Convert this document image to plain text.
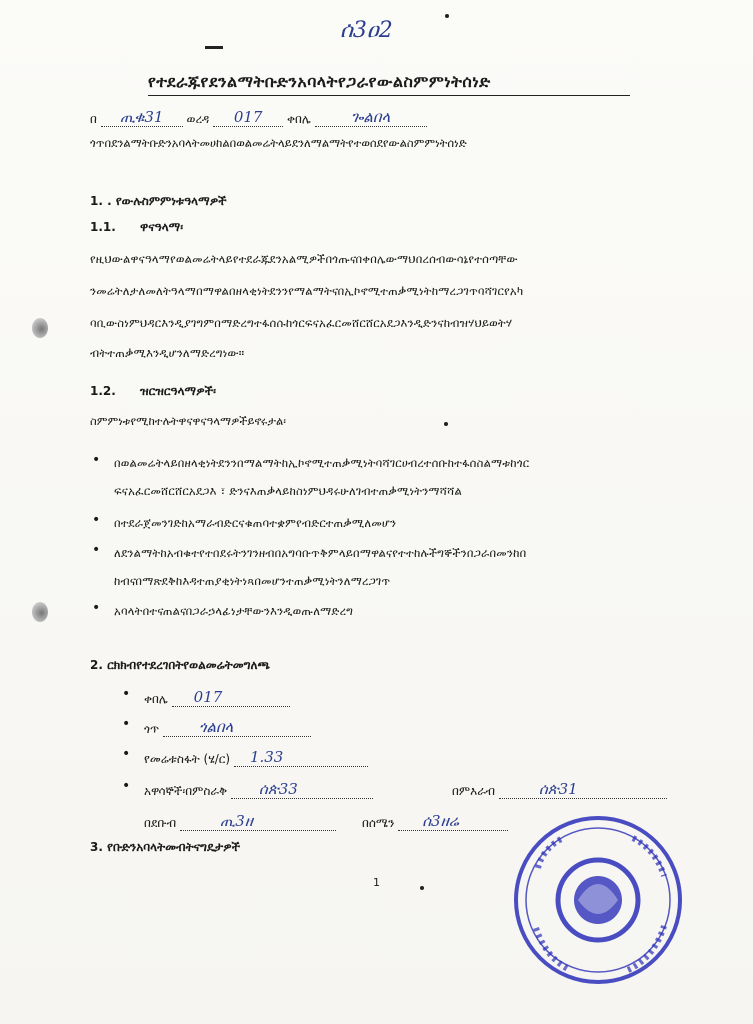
ሰ3ዐ2
የተደራጁየደንልማትቡድንአባላትየጋራየውልስምምነትሰነድ
በ ጢቁ31 ወረዳ 017 ቀበሌ	ጐልበላ
ጎጥበደንልማትቡድንአባላትመሀከልበወልመሬትላይደንለማልማትየተወሰደየውልስምምነትሰነድ
1. . የውሉስምምነቱዓላማዎች
1.1. ዋናዓላማ፡
የዚህውልዋናዓላማየወልመሬትላይየተደራጁደንአልሚዎችበጎጡናበቀበሌውማህበረሰብውሳኔየተሰጣቸው
ንመሬትለታለመለትዓላማበማዋልበዘላቂነትደንንየማልማትናበኢኮኖሚተጠቃሚነትከማረጋገጥባሻገርየአካ
ባቢውስነምህዳርእንዲያገግምበማድረግተፋሰሱከጎርፍናአፈርመሸርሸርአደጋእንዲድንናከብዝሃህይወትሃ
ብትተጠቃሚእንዲሆንለማድረግነው።
1.2. ዝርዝርዓላማዎች፡
ስምምነቱየሚከተሉትዋናዋናዓላማዎችይኖሩታል፡
• በወልመሬትላይበዘላቂነትደንንበማልማትከኢኮኖሚተጠቃሚነትባሻገርሀብረተሰቡከተፋሰስልማቱከጎር
ፍናአፈርመሸርሸርአደጋእ ፣ ድንናእጠቃላይከስነምህዳሩሁለገብተጠቃሚነትንማሻሻል
• በተደራጀመንገድከአማራብድርናቁጠባተቋምየብድርተጠቃሚለመሆን
• ለደንልማትከአብቁተየተበደሩትንገንዘብበአግባቡጥቅምላይበማዋልናየተተከሉችግኞችንበጋራበመንከበ
ከብናበማጽደቅከእዳተጠያቂነትነጻበመሆንተጠቃሚነትንለማረጋገጥ
• አባላትበተናጠልናበጋራኃላፊነታቸውንእንዲወጡለማድረግ
2. ርክክብየተደረገበትየወልመሬትመግለጫ
• ቀበሌ 017
• ጎጥ	ጎልበላ
• የመሬቱስፋት (ሄ/ር) 1.33
• አዋሳኞች፡በምስራቅ ሰጵ33	በምእራብ	ሰጵ31
በደቡብ	ጢ3ዘ	በሰሜን ሰ3ዘሬ
3. የቡድንአባላትመብትናግዴታዎች
1
